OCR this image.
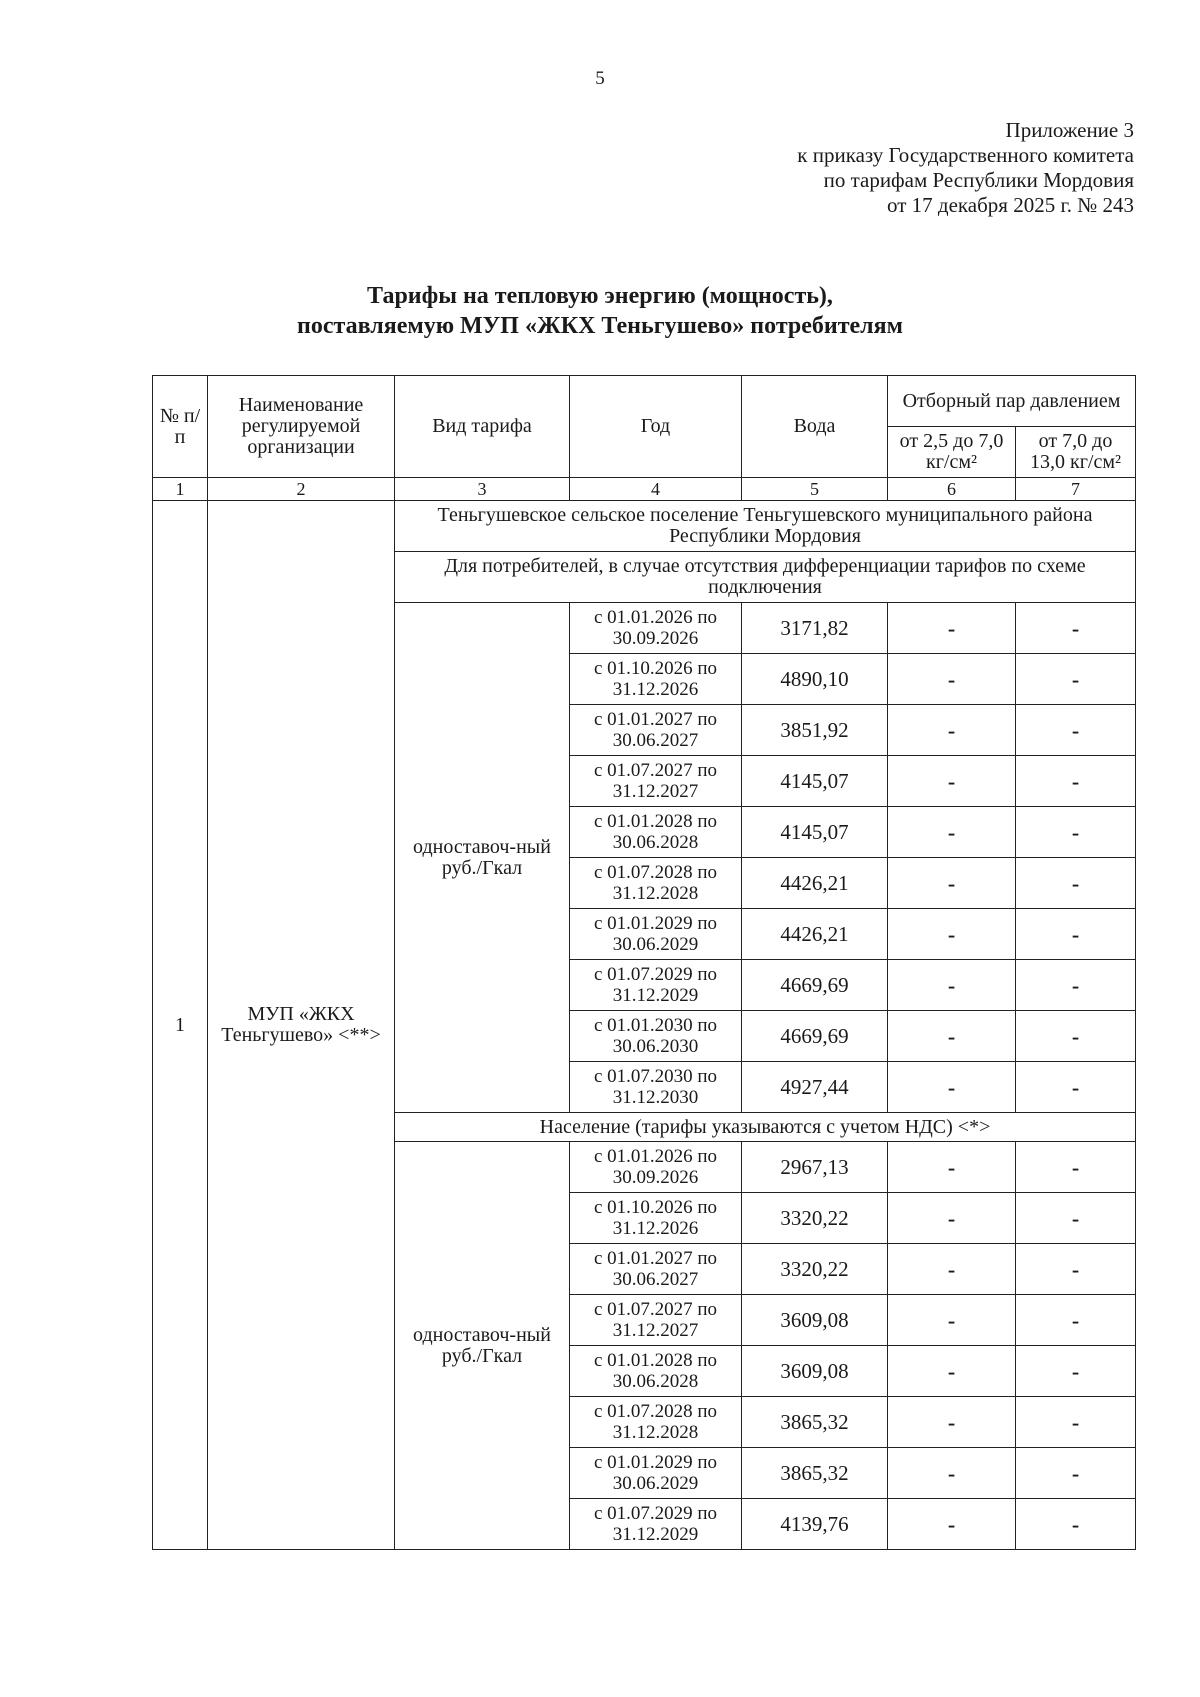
5
Приложение 3
к приказу Государственного комитета
по тарифам Республики Мордовия
от 17 декабря 2025 г. № 243
Тарифы на тепловую энергию (мощность),
поставляемую МУП «ЖКХ Теньгушево» потребителям
№ п/п	Наименование регулируемой организации	Вид тарифа	Год	Вода	Отборный пар давлением	
					от 2,5 до 7,0 кг/см²	от 7,0 до 13,0 кг/см²
1	2	3	4	5	6	7
1	МУП «ЖКХ Теньгушево» <**>	Теньгушевское сельское поселение Теньгушевского муниципального района Республики Мордовия				
		Для потребителей, в случае отсутствия дифференциации тарифов по схеме подключения				
		одноставоч-ный руб./Гкал	с 01.01.2026 по 30.09.2026	3171,82	-	-
			с 01.10.2026 по 31.12.2026	4890,10	-	-
			с 01.01.2027 по 30.06.2027	3851,92	-	-
			с 01.07.2027 по 31.12.2027	4145,07	-	-
			с 01.01.2028 по 30.06.2028	4145,07	-	-
			с 01.07.2028 по 31.12.2028	4426,21	-	-
			с 01.01.2029 по 30.06.2029	4426,21	-	-
			с 01.07.2029 по 31.12.2029	4669,69	-	-
			с 01.01.2030 по 30.06.2030	4669,69	-	-
			с 01.07.2030 по 31.12.2030	4927,44	-	-
		Население (тарифы указываются с учетом НДС) <*>				
		одноставоч-ный руб./Гкал	с 01.01.2026 по 30.09.2026	2967,13	-	-
			с 01.10.2026 по 31.12.2026	3320,22	-	-
			с 01.01.2027 по 30.06.2027	3320,22	-	-
			с 01.07.2027 по 31.12.2027	3609,08	-	-
			с 01.01.2028 по 30.06.2028	3609,08	-	-
			с 01.07.2028 по 31.12.2028	3865,32	-	-
			с 01.01.2029 по 30.06.2029	3865,32	-	-
			с 01.07.2029 по 31.12.2029	4139,76	-	-
